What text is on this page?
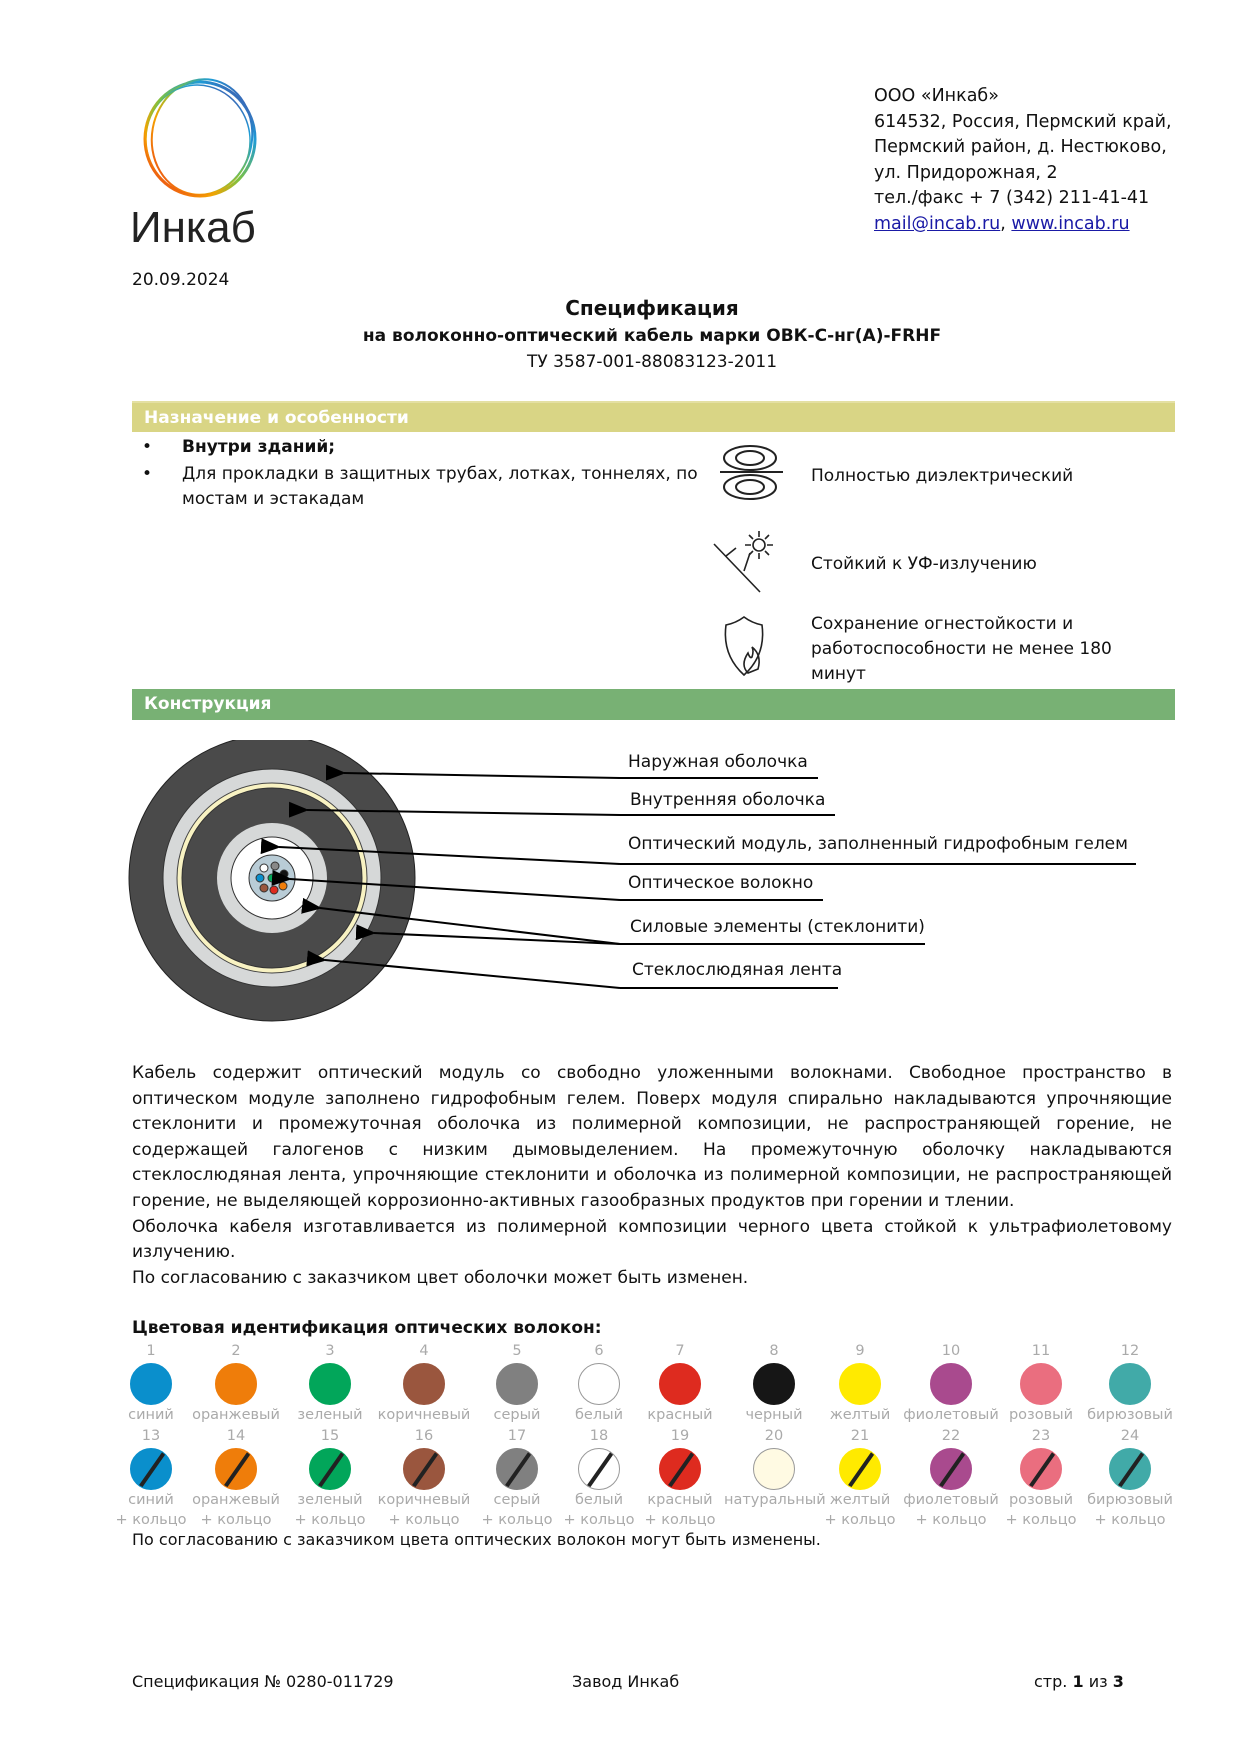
Инкаб
ООО «Инкаб»
614532, Россия, Пермский край,
Пермский район, д. Нестюково,
ул. Придорожная, 2
тел./факс + 7 (342) 211-41-41
mail@incab.ru, www.incab.ru
20.09.2024
Спецификация
на волоконно-оптический кабель марки ОВК-С-нг(А)-FRHF
ТУ 3587-001-88083123-2011
Назначение и особенности
• Внутри зданий;
• Для прокладки в защитных трубах, лотках, тоннелях, по мостам и эстакадам
Полностью диэлектрический
Стойкий к УФ-излучению
Сохранение огнестойкости и работоспособности не менее 180 минут
Конструкция
Наружная оболочка
Внутренняя оболочка
Оптический модуль, заполненный гидрофобным гелем
Оптическое волокно
Силовые элементы (стеклонити)
Стеклослюдяная лента
Кабель содержит оптический модуль со свободно уложенными волокнами. Свободное пространство в оптическом модуле заполнено гидрофобным гелем. Поверх модуля спирально накладываются упрочняющие стеклонити и промежуточная оболочка из полимерной композиции, не распространяющей горение, не содержащей галогенов с низким дымовыделением. На промежуточную оболочку накладываются стеклослюдяная лента, упрочняющие стеклонити и оболочка из полимерной композиции, не распространяющей горение, не выделяющей коррозионно-активных газообразных продуктов при горении и тлении.
Оболочка кабеля изготавливается из полимерной композиции черного цвета стойкой к ультрафиолетовому излучению.
По согласованию с заказчиком цвет оболочки может быть изменен.
Цветовая идентификация оптических волокон:
1
синий
2
оранжевый
3
зеленый
4
коричневый
5
серый
6
белый
7
красный
8
черный
9
желтый
10
фиолетовый
11
розовый
12
бирюзовый
13
синий
+ кольцо
14
оранжевый
+ кольцо
15
зеленый
+ кольцо
16
коричневый
+ кольцо
17
серый
+ кольцо
18
белый
+ кольцо
19
красный
+ кольцо
20
натуральный
21
желтый
+ кольцо
22
фиолетовый
+ кольцо
23
розовый
+ кольцо
24
бирюзовый
+ кольцо
По согласованию с заказчиком цвета оптических волокон могут быть изменены.
Спецификация № 0280-011729	Завод Инкаб	стр. 1 из 3
